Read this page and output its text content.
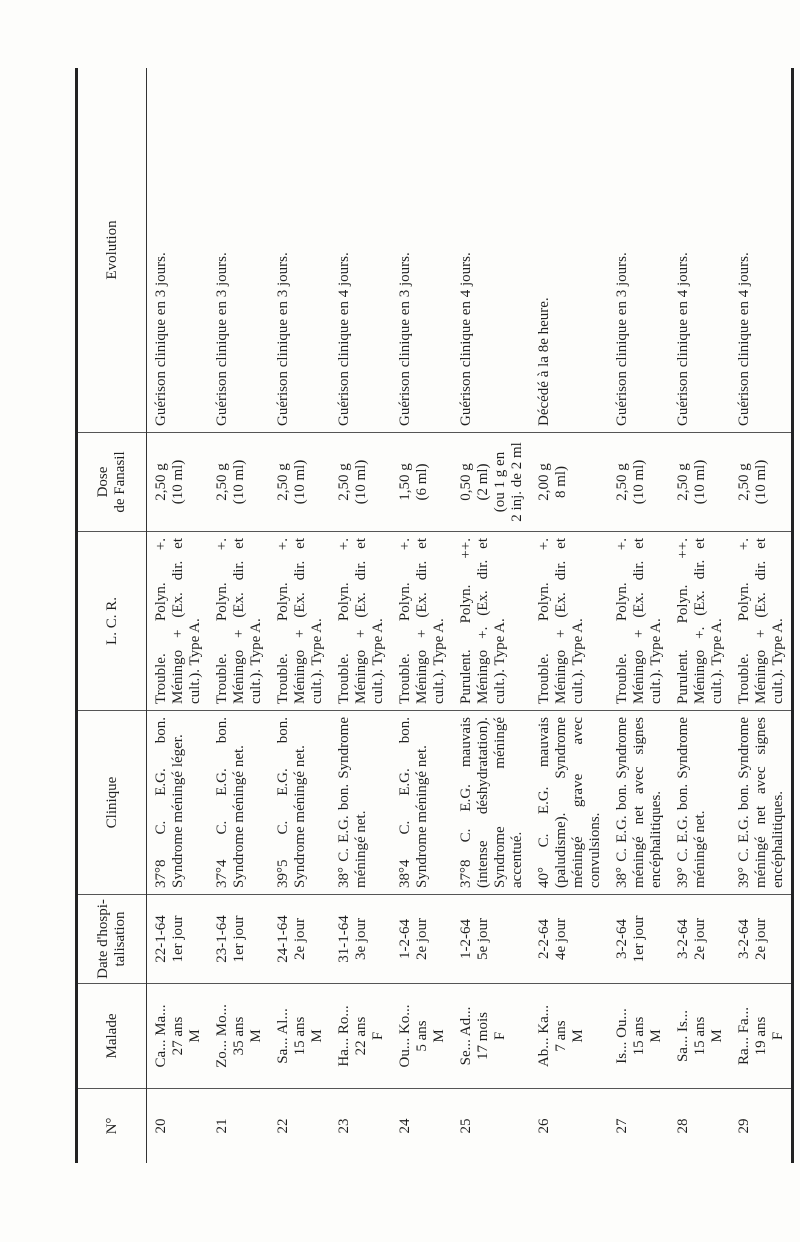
N°	Malade	Date d'hospi- talisation	Clinique	L. C. R.	Dose de Fanasil	Evolution
20	Ca... Ma... 27 ans M	22-1-64 1er jour	37°8 C. E.G. bon. Syndrome méningé léger.	Trouble. Polyn. +. Méningo + (Ex. dir. et cult.). Type A.	2,50 g (10 ml)	Guérison clinique en 3 jours.

21	Zo... Mo... 35 ans M	23-1-64 1er jour	37°4 C. E.G. bon. Syndrome méningé net.	Trouble. Polyn. +. Méningo + (Ex. dir. et cult.). Type A.	2,50 g (10 ml)	Guérison clinique en 3 jours.

22	Sa... Al... 15 ans M	24-1-64 2e jour	39°5 C. E.G. bon. Syndrome méningé net.	Trouble. Polyn. +. Méningo + (Ex. dir. et cult.). Type A.	2,50 g (10 ml)	Guérison clinique en 3 jours.

23	Ha... Ro... 22 ans F	31-1-64 3e jour	38° C. E.G. bon. Syndrome méningé net.	Trouble. Polyn. +. Méningo + (Ex. dir. et cult.). Type A.	2,50 g (10 ml)	Guérison clinique en 4 jours.

24	Ou... Ko... 5 ans M	1-2-64 2e jour	38°4 C. E.G. bon. Syndrome méningé net.	Trouble. Polyn. +. Méningo + (Ex. dir. et cult.). Type A.	1,50 g (6 ml)	Guérison clinique en 3 jours.

25	Se... Ad... 17 mois F	1-2-64 5e jour	37°8 C. E.G. mauvais (intense déshydratation). Syndrome méningé accentué.	Purulent. Polyn. ++. Méningo +. (Ex. dir. et cult.). Type A.	0,50 g (2 ml) (ou 1 g en 2 inj. de 2 ml	Guérison clinique en 4 jours.

26	Ab... Ka... 7 ans M	2-2-64 4e jour	40° C. E.G. mauvais (paludisme). Syndrome méningé grave avec convulsions.	Trouble. Polyn. +. Méningo + (Ex. dir. et cult.). Type A.	2,00 g 8 ml)	Décédé à la 8e heure.

27	Is... Ou... 15 ans M	3-2-64 1er jour	38° C. E.G. bon. Syndrome méningé net avec signes encéphalitiques.	Trouble. Polyn. +. Méningo + (Ex. dir. et cult.). Type A.	2,50 g (10 ml)	Guérison clinique en 3 jours.

28	Sa... Is... 15 ans M	3-2-64 2e jour	39° C. E.G. bon. Syndrome méningé net.	Purulent. Polyn. ++. Méningo +. (Ex. dir. et cult.). Type A.	2,50 g (10 ml)	Guérison clinique en 4 jours.

29	Ra... Fa... 19 ans F	3-2-64 2e jour	39° C. E.G. bon. Syndrome méningé net avec signes encéphalitiques.	Trouble. Polyn. +. Méningo + (Ex. dir. et cult.). Type A.	2,50 g (10 ml)	Guérison clinique en 4 jours.
